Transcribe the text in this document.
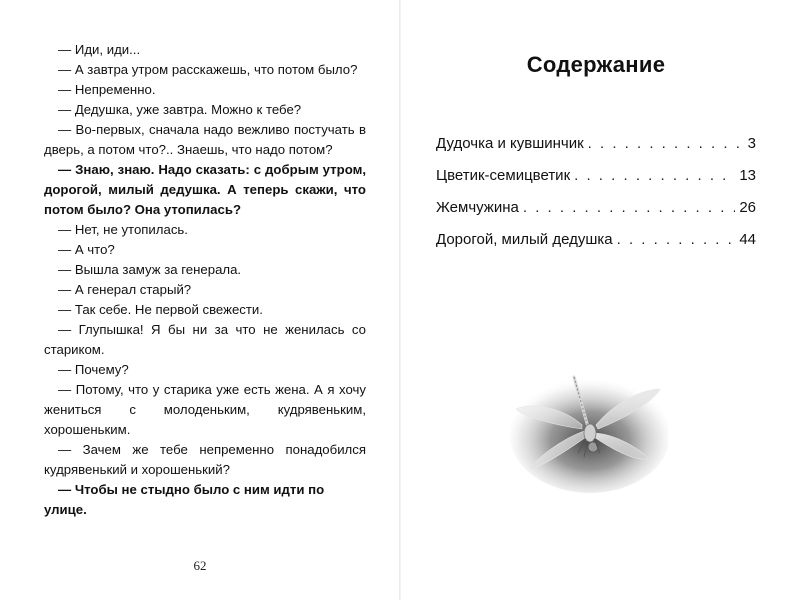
— Иди, иди...

— А завтра утром расскажешь, что потом было?

— Непременно.

— Дедушка, уже завтра. Можно к тебе?

— Во-первых, сначала надо вежливо постучать в дверь, а потом что?.. Знаешь, что надо потом?

— Знаю, знаю. Надо сказать: с добрым утром, дорогой, милый дедушка. А теперь скажи, что потом было? Она утопилась?

— Нет, не утопилась.

— А что?

— Вышла замуж за генерала.

— А генерал старый?

— Так себе. Не первой свежести.

— Глупышка! Я бы ни за что не женилась со стариком.

— Почему?

— Потому, что у старика уже есть жена. А я хочу жениться с молоденьким, кудрявеньким, хорошеньким.

— Зачем же тебе непременно понадобился кудрявенький и хорошенький?

— Чтобы не стыдно было с ним идти по улице.

62
Содержание
Дудочка и кувшинчик . . .	3
Цветик-семицветик . . .	13
Жемчужина . . .	26
Дорогой, милый дедушка . . .	44
